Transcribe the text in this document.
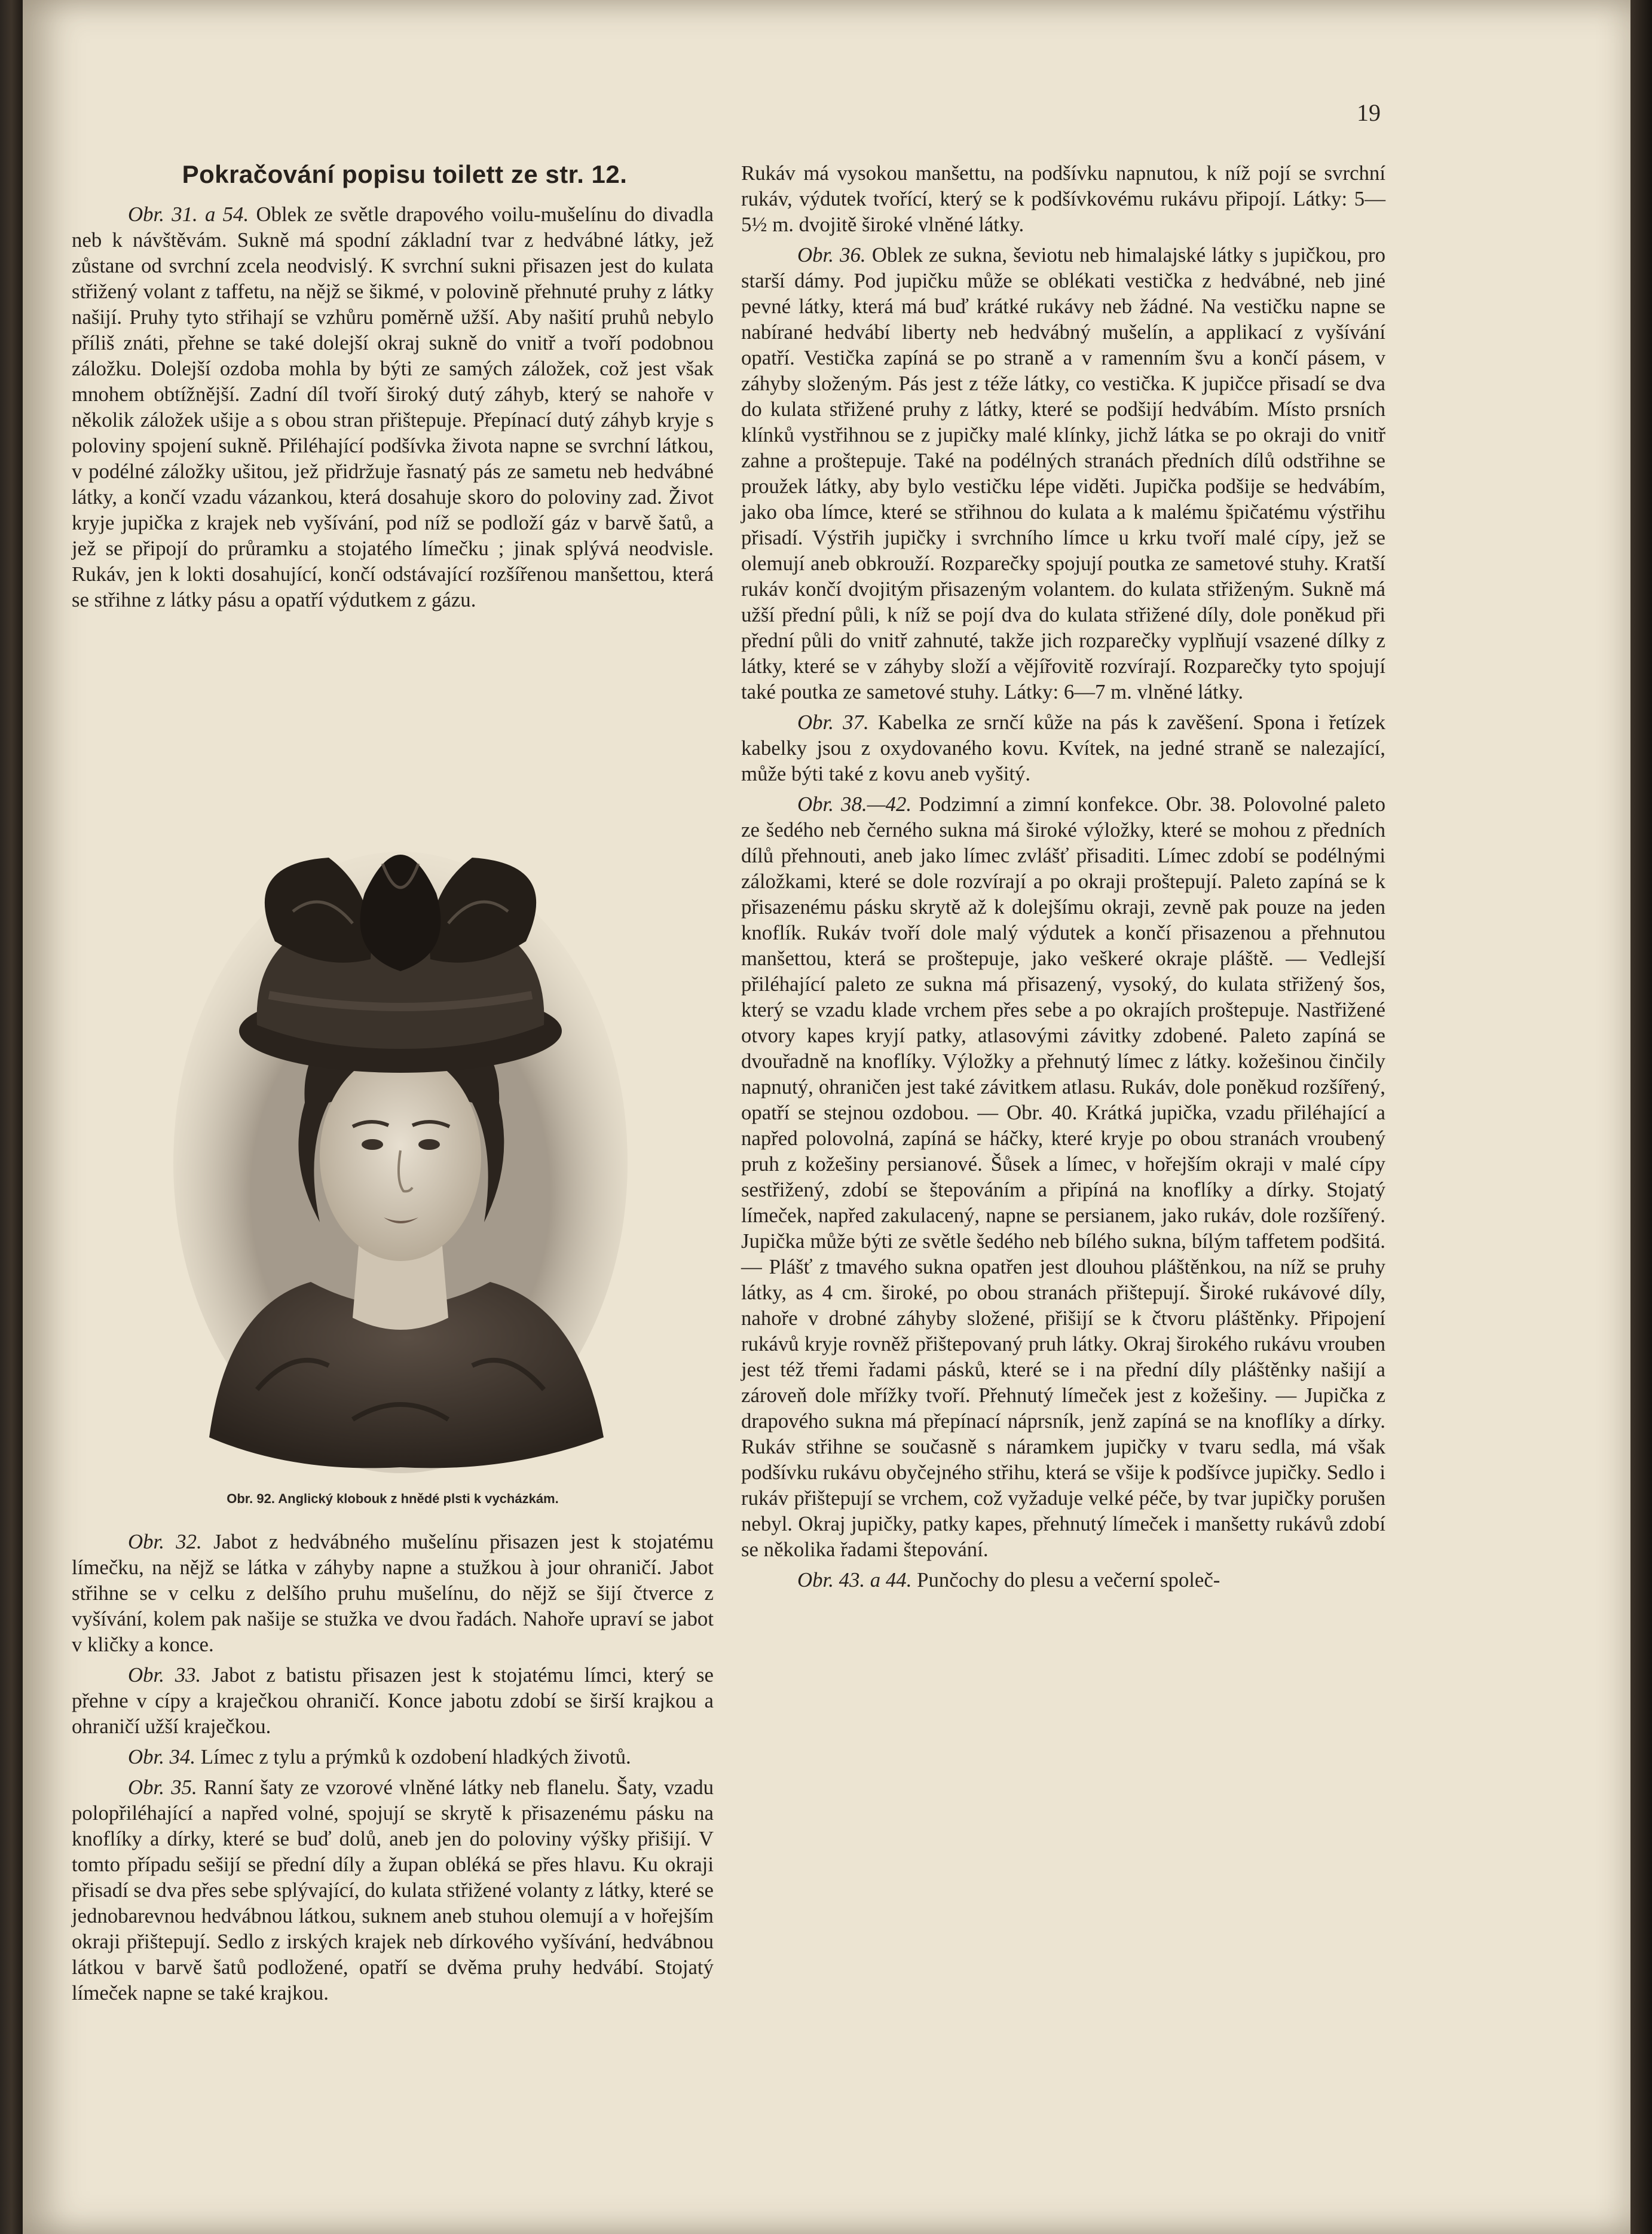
19
Pokračování popisu toilett ze str. 12.

Obr. 31. a 54. Oblek ze světle drapového voilu-mušelínu do divadla neb k návštěvám. Sukně má spodní základní tvar z hedvábné látky, jež zůstane od svrchní zcela neodvislý. K svrchní sukni přisazen jest do kulata střižený volant z taffetu, na nějž se šikmé, v polovině přehnuté pruhy z látky našijí. Pruhy tyto střihají se vzhůru poměrně užší. Aby našití pruhů nebylo příliš znáti, přehne se také dolejší okraj sukně do vnitř a tvoří podobnou záložku. Dolejší ozdoba mohla by býti ze samých záložek, což jest však mnohem obtížnější. Zadní díl tvoří široký dutý záhyb, který se nahoře v několik záložek ušije a s obou stran přištepuje. Přepínací dutý záhyb kryje s poloviny spojení sukně. Přiléhající podšívka života napne se svrchní látkou, v podélné záložky ušitou, jež přidržuje řasnatý pás ze sametu neb hedvábné látky, a končí vzadu vázankou, která dosahuje skoro do poloviny zad. Život kryje jupička z krajek neb vyšívání, pod níž se podloží gáz v barvě šatů, a jež se připojí do průramku a stojatého límečku ; jinak splývá neodvisle. Rukáv, jen k lokti dosahující, končí odstávající rozšířenou manšettou, která se střihne z látky pásu a opatří výdutkem z gázu.

Obr. 92. Anglický klobouk z hnědé plsti k vycházkám.

Obr. 32. Jabot z hedvábného mušelínu přisazen jest k stojatému límečku, na nějž se látka v záhyby napne a stužkou à jour ohraničí. Jabot střihne se v celku z delšího pruhu mušelínu, do nějž se šijí čtverce z vyšívání, kolem pak našije se stužka ve dvou řadách. Nahoře upraví se jabot v kličky a konce.

Obr. 33. Jabot z batistu přisazen jest k stojatému límci, který se přehne v cípy a kraječkou ohraničí. Konce jabotu zdobí se širší krajkou a ohraničí užší kraječkou.

Obr. 34. Límec z tylu a prýmků k ozdobení hladkých životů.

Obr. 35. Ranní šaty ze vzorové vlněné látky neb flanelu. Šaty, vzadu polopřiléhající a napřed volné, spojují se skrytě k přisazenému pásku na knoflíky a dírky, které se buď dolů, aneb jen do poloviny výšky přišijí. V tomto případu sešijí se přední díly a župan obléká se přes hlavu. Ku okraji přisadí se dva přes sebe splývající, do kulata střižené volanty z látky, které se jednobarevnou hedvábnou látkou, suknem aneb stuhou olemují a v hořejším okraji přištepují. Sedlo z irských krajek neb dírkového vyšívání, hedvábnou látkou v barvě šatů podložené, opatří se dvěma pruhy hedvábí. Stojatý límeček napne se také krajkou.

Rukáv má vysokou manšettu, na podšívku napnutou, k níž pojí se svrchní rukáv, výdutek tvořící, který se k podšívkovému rukávu připojí. Látky: 5—5½ m. dvojitě široké vlněné látky.

Obr. 36. Oblek ze sukna, ševiotu neb himalajské látky s jupičkou, pro starší dámy. Pod jupičku může se oblékati vestička z hedvábné, neb jiné pevné látky, která má buď krátké rukávy neb žádné. Na vestičku napne se nabírané hedvábí liberty neb hedvábný mušelín, a applikací z vyšívání opatří. Vestička zapíná se po straně a v ramenním švu a končí pásem, v záhyby složeným. Pás jest z téže látky, co vestička. K jupičce přisadí se dva do kulata střižené pruhy z látky, které se podšijí hedvábím. Místo prsních klínků vystřihnou se z jupičky malé klínky, jichž látka se po okraji do vnitř zahne a proštepuje. Také na podélných stranách předních dílů odstřihne se proužek látky, aby bylo vestičku lépe viděti. Jupička podšije se hedvábím, jako oba límce, které se střihnou do kulata a k malému špičatému výstřihu přisadí. Výstřih jupičky i svrchního límce u krku tvoří malé cípy, jež se olemují aneb obkrouží. Rozparečky spojují poutka ze sametové stuhy. Kratší rukáv končí dvojitým přisazeným volantem. do kulata střiženým. Sukně má užší přední půli, k níž se pojí dva do kulata střižené díly, dole poněkud při přední půli do vnitř zahnuté, takže jich rozparečky vyplňují vsazené dílky z látky, které se v záhyby složí a vějířovitě rozvírají. Rozparečky tyto spojují také poutka ze sametové stuhy. Látky: 6—7 m. vlněné látky.

Obr. 37. Kabelka ze srnčí kůže na pás k zavěšení. Spona i řetízek kabelky jsou z oxydovaného kovu. Kvítek, na jedné straně se nalezající, může býti také z kovu aneb vyšitý.

Obr. 38.—42. Podzimní a zimní konfekce. Obr. 38. Polovolné paleto ze šedého neb černého sukna má široké výložky, které se mohou z předních dílů přehnouti, aneb jako límec zvlášť přisaditi. Límec zdobí se podélnými záložkami, které se dole rozvírají a po okraji proštepují. Paleto zapíná se k přisazenému pásku skrytě až k dolejšímu okraji, zevně pak pouze na jeden knoflík. Rukáv tvoří dole malý výdutek a končí přisazenou a přehnutou manšettou, která se proštepuje, jako veškeré okraje pláště. — Vedlejší přiléhající paleto ze sukna má přisazený, vysoký, do kulata střižený šos, který se vzadu klade vrchem přes sebe a po okrajích proštepuje. Nastřižené otvory kapes kryjí patky, atlasovými závitky zdobené. Paleto zapíná se dvouřadně na knoflíky. Výložky a přehnutý límec z látky. kožešinou činčily napnutý, ohraničen jest také závitkem atlasu. Rukáv, dole poněkud rozšířený, opatří se stejnou ozdobou. — Obr. 40. Krátká jupička, vzadu přiléhající a napřed polovolná, zapíná se háčky, které kryje po obou stranách vroubený pruh z kožešiny persianové. Šůsek a límec, v hořejším okraji v malé cípy sestřižený, zdobí se štepováním a připíná na knoflíky a dírky. Stojatý límeček, napřed zakulacený, napne se persianem, jako rukáv, dole rozšířený. Jupička může býti ze světle šedého neb bílého sukna, bílým taffetem podšitá. — Plášť z tmavého sukna opatřen jest dlouhou pláštěnkou, na níž se pruhy látky, as 4 cm. široké, po obou stranách přištepují. Široké rukávové díly, nahoře v drobné záhyby složené, přišijí se k čtvoru pláštěnky. Připojení rukávů kryje rovněž přištepovaný pruh látky. Okraj širokého rukávu vrouben jest též třemi řadami pásků, které se i na přední díly pláštěnky našijí a zároveň dole mřížky tvoří. Přehnutý límeček jest z kožešiny. — Jupička z drapového sukna má přepínací náprsník, jenž zapíná se na knoflíky a dírky. Rukáv střihne se současně s náramkem jupičky v tvaru sedla, má však podšívku rukávu obyčejného střihu, která se všije k podšívce jupičky. Sedlo i rukáv přištepují se vrchem, což vyžaduje velké péče, by tvar jupičky porušen nebyl. Okraj jupičky, patky kapes, přehnutý límeček i manšetty rukávů zdobí se několika řadami štepování.

Obr. 43. a 44. Punčochy do plesu a večerní společ-
